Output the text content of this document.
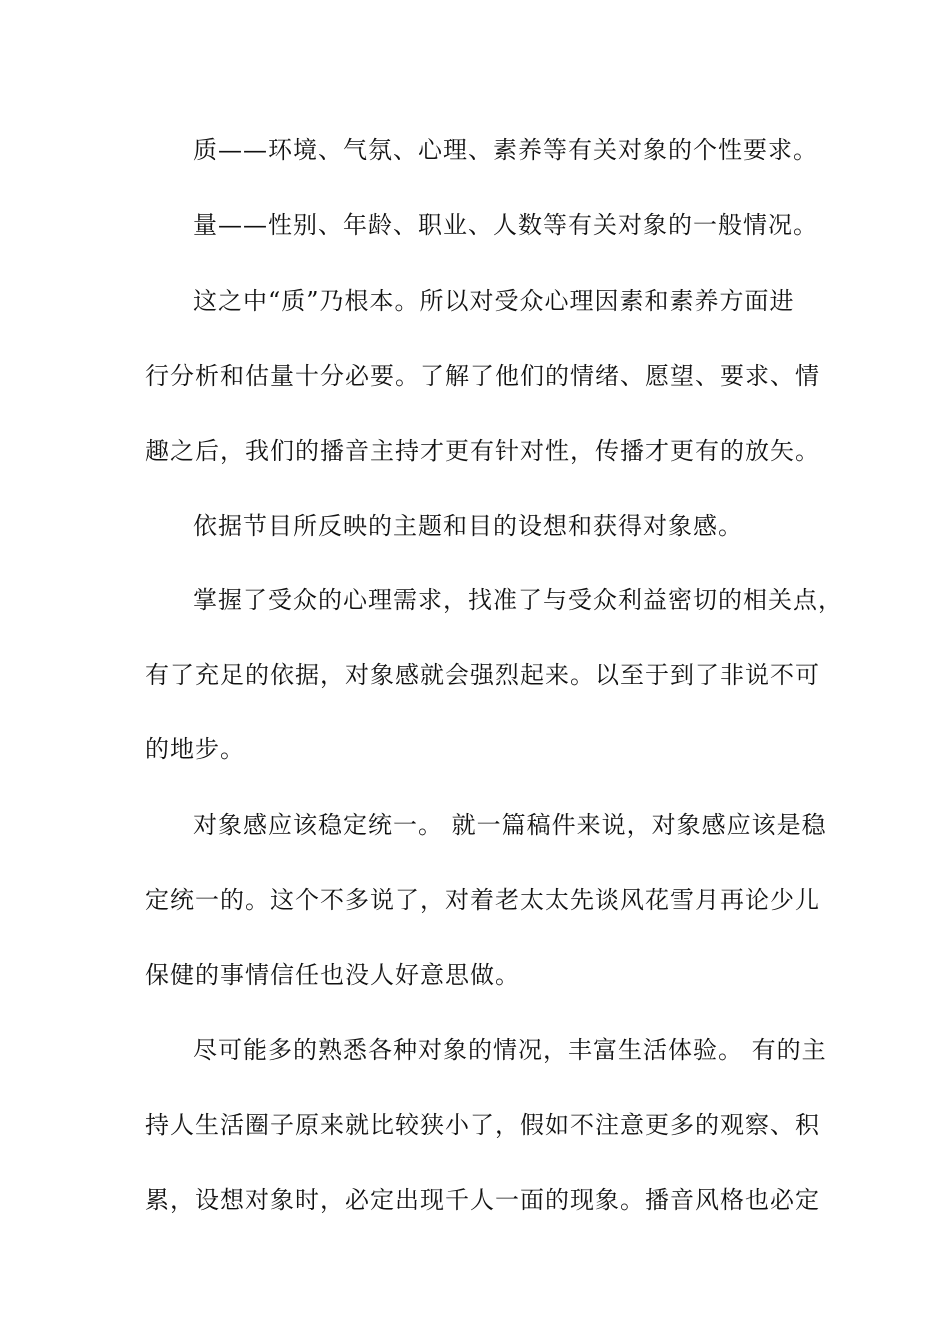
质——环境、气氛、心理、素养等有关对象的个性要求。

量——性别、年龄、职业、人数等有关对象的一般情况。

这之中“质”乃根本。所以对受众心理因素和素养方面进

行分析和估量十分必要。了解了他们的情绪、愿望、要求、情

趣之后，我们的播音主持才更有针对性，传播才更有的放矢。

依据节目所反映的主题和目的设想和获得对象感。

掌握了受众的心理需求，找准了与受众利益密切的相关点，

有了充足的依据，对象感就会强烈起来。以至于到了非说不可

的地步。

对象感应该稳定统一。 就一篇稿件来说，对象感应该是稳

定统一的。这个不多说了，对着老太太先谈风花雪月再论少儿

保健的事情信任也没人好意思做。

尽可能多的熟悉各种对象的情况，丰富生活体验。 有的主

持人生活圈子原来就比较狭小了，假如不注意更多的观察、积

累，设想对象时，必定出现千人一面的现象。播音风格也必定
